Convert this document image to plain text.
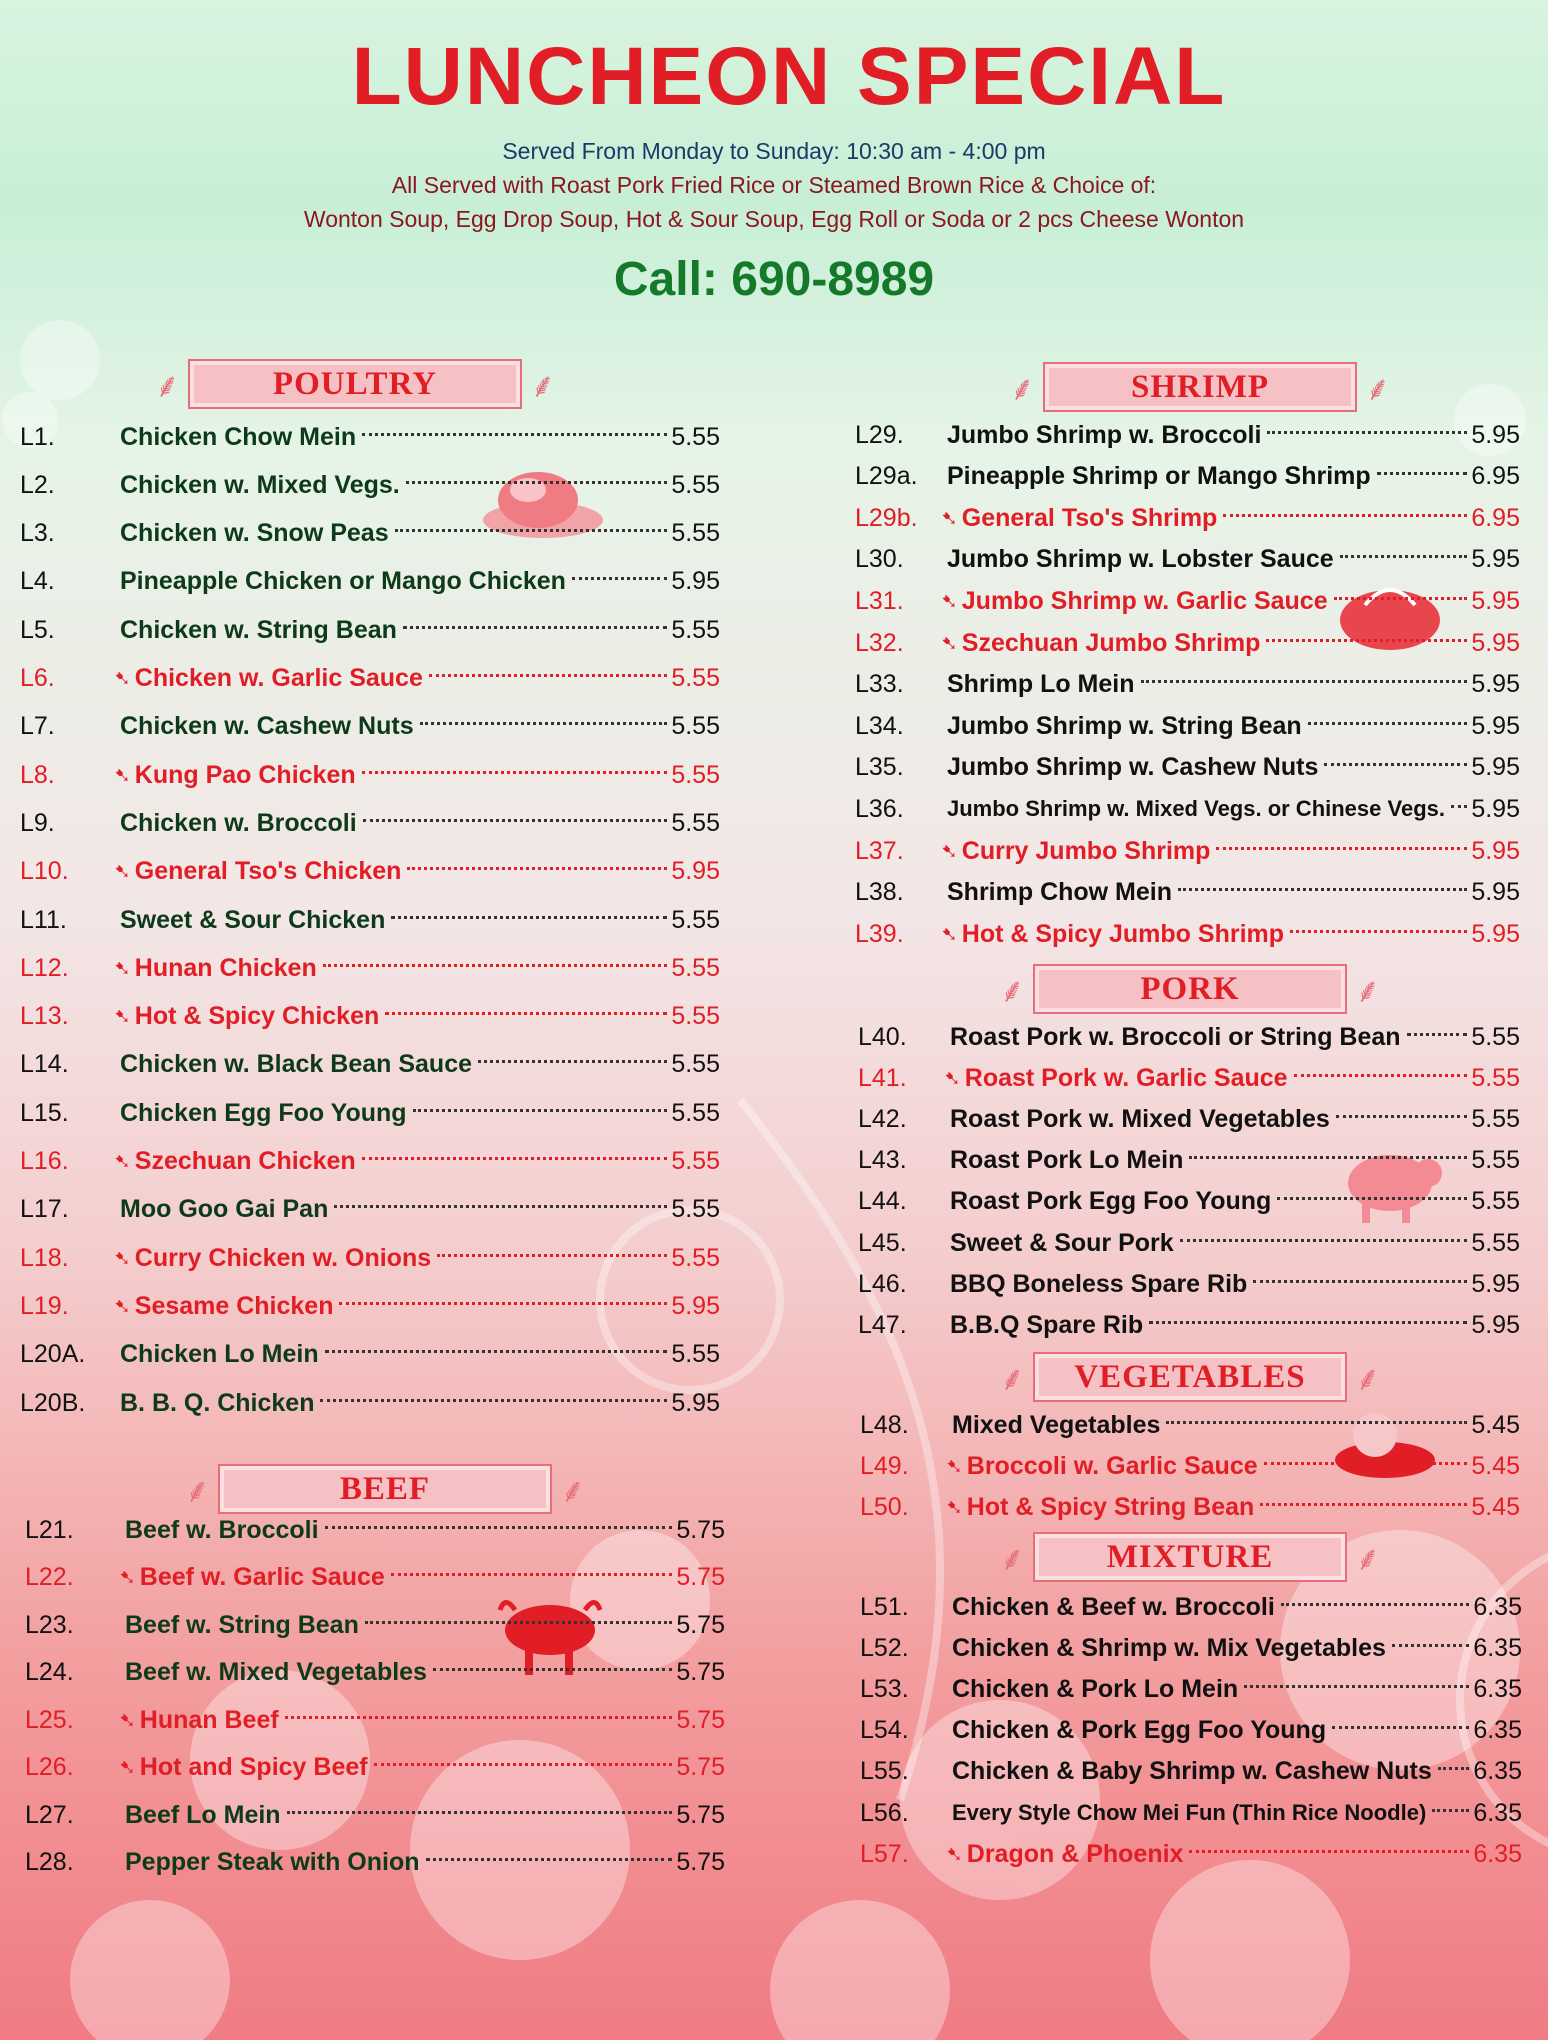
LUNCHEON SPECIAL
Served From Monday to Sunday: 10:30 am - 4:00 pm
All Served with Roast Pork Fried Rice or Steamed Brown Rice & Choice of:
Wonton Soup, Egg Drop Soup, Hot & Sour Soup, Egg Roll or Soda or 2 pcs Cheese Wonton
Call: 690-8989
⸙	POULTRY	⸙
⸙	BEEF	⸙
⸙	SHRIMP	⸙
⸙	PORK	⸙
⸙ VEGETABLES ⸙
⸙ MIXTURE ⸙
L1.	Chicken Chow Mein	5.55
L2.	Chicken w. Mixed Vegs.	5.55
L3.	Chicken w. Snow Peas	5.55
L4.	Pineapple Chicken or Mango Chicken	5.95
L5.	Chicken w. String Bean	5.55
L6.	➷ Chicken w. Garlic Sauce	5.55
L7.	Chicken w. Cashew Nuts	5.55
L8.	➷ Kung Pao Chicken	5.55
L9.	Chicken w. Broccoli	5.55
L10.	➷ General Tso's Chicken	5.95
L11.	Sweet & Sour Chicken	5.55
L12.	➷ Hunan Chicken	5.55
L13.	➷ Hot & Spicy Chicken	5.55
L14.	Chicken w. Black Bean Sauce	5.55
L15.	Chicken Egg Foo Young	5.55
L16.	➷ Szechuan Chicken	5.55
L17.	Moo Goo Gai Pan	5.55
L18.	➷ Curry Chicken w. Onions	5.55
L19.	➷ Sesame Chicken	5.95
L20A.	Chicken Lo Mein	5.55
L20B.	B. B. Q. Chicken	5.95
L21.	Beef w. Broccoli	5.75
L22.	➷ Beef w. Garlic Sauce	5.75
L23.	Beef w. String Bean	5.75
L24.	Beef w. Mixed Vegetables	5.75
L25.	➷ Hunan Beef	5.75
L26.	➷ Hot and Spicy Beef	5.75
L27.	Beef Lo Mein	5.75
L28.	Pepper Steak with Onion	5.75
L29.	Jumbo Shrimp w. Broccoli	5.95
L29a.	Pineapple Shrimp or Mango Shrimp	6.95
L29b.	➷ General Tso's Shrimp	6.95
L30.	Jumbo Shrimp w. Lobster Sauce	5.95
L31.	➷ Jumbo Shrimp w. Garlic Sauce	5.95
L32.	➷ Szechuan Jumbo Shrimp	5.95
L33.	Shrimp Lo Mein	5.95
L34.	Jumbo Shrimp w. String Bean	5.95
L35.	Jumbo Shrimp w. Cashew Nuts	5.95
L36.	Jumbo Shrimp w. Mixed Vegs. or Chinese Vegs. 5.95
L37.	➷ Curry Jumbo Shrimp	5.95
L38.	Shrimp Chow Mein	5.95
L39.	➷ Hot & Spicy Jumbo Shrimp	5.95
L40.	Roast Pork w. Broccoli or String Bean	5.55
L41.	➷ Roast Pork w. Garlic Sauce	5.55
L42.	Roast Pork w. Mixed Vegetables	5.55
L43.	Roast Pork Lo Mein	5.55
L44.	Roast Pork Egg Foo Young	5.55
L45.	Sweet & Sour Pork	5.55
L46.	BBQ Boneless Spare Rib	5.95
L47.	B.B.Q Spare Rib	5.95
L48.	Mixed Vegetables	5.45
L49.	➷ Broccoli w. Garlic Sauce	5.45
L50.	➷ Hot & Spicy String Bean	5.45
L51.	Chicken & Beef w. Broccoli	6.35
L52.	Chicken & Shrimp w. Mix Vegetables	6.35
L53.	Chicken & Pork Lo Mein	6.35
L54.	Chicken & Pork Egg Foo Young	6.35
L55.	Chicken & Baby Shrimp w. Cashew Nuts 6.35
L56.	Every Style Chow Mei Fun (Thin Rice Noodle) 6.35
L57.	➷ Dragon & Phoenix	6.35
